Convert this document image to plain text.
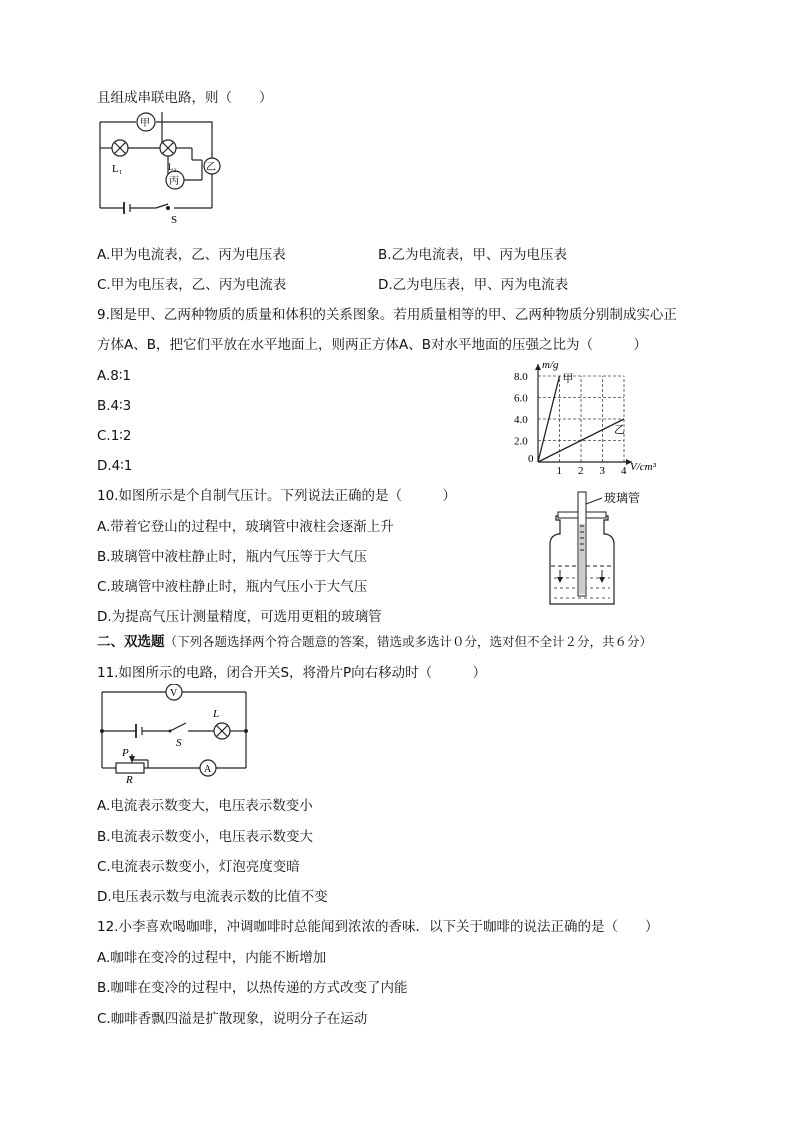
且组成串联电路，则（　　）
甲
乙
丙
L₁	L₂
S
A.甲为电流表，乙、丙为电压表	B.乙为电流表，甲、丙为电压表
C.甲为电压表，乙、丙为电流表	D.乙为电压表，甲、丙为电流表
9.图是甲、乙两种物质的质量和体积的关系图象。若用质量相等的甲、乙两种物质分别制成实心正
方体A、B，把它们平放在水平地面上，则两正方体A、B对水平地面的压强之比为（　　　）
A.8∶1
B.4∶3
C.1∶2
D.4∶1
m/g
V/cm³
0
1 2 3 4
2.0
4.0
6.0
8.0	甲
乙
10.如图所示是个自制气压计。下列说法正确的是（　　　）
A.带着它登山的过程中，玻璃管中液柱会逐渐上升
B.玻璃管中液柱静止时，瓶内气压等于大气压
C.玻璃管中液柱静止时，瓶内气压小于大气压
D.为提高气压计测量精度，可选用更粗的玻璃管
玻璃管
二、双选题（下列各题选择两个符合题意的答案，错选或多选计０分，选对但不全计２分，共６分）
11.如图所示的电路，闭合开关S，将滑片P向右移动时（　　　）
V
A
L
S
P
R
A.电流表示数变大，电压表示数变小
B.电流表示数变小，电压表示数变大
C.电流表示数变小，灯泡亮度变暗
D.电压表示数与电流表示数的比值不变
12.小李喜欢喝咖啡，冲调咖啡时总能闻到浓浓的香味．以下关于咖啡的说法正确的是（　　）
A.咖啡在变冷的过程中，内能不断增加
B.咖啡在变冷的过程中，以热传递的方式改变了内能
C.咖啡香飘四溢是扩散现象，说明分子在运动
